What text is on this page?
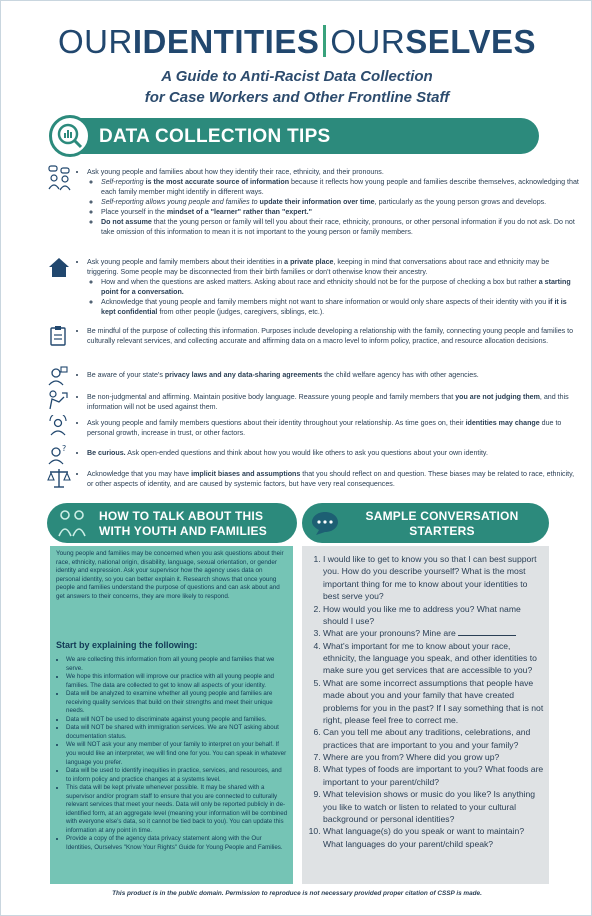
OURIDENTITIES OURSELVES
A Guide to Anti-Racist Data Collection
for Case Workers and Other Frontline Staff
DATA COLLECTION TIPS
• Ask young people and families about how they identify their race, ethnicity, and their pronouns.
◦ Self-reporting is the most accurate source of information because it reflects how young people and families describe themselves, acknowledging that each family member might identify in different ways.
◦ Self-reporting allows young people and families to update their information over time, particularly as the young person grows and develops.
◦ Place yourself in the mindset of a "learner" rather than "expert."
◦ Do not assume that the young person or family will tell you about their race, ethnicity, pronouns, or other personal information if you do not ask. Do not take omission of this information to mean it is not important to the young person or family members.
• Ask young people and family members about their identities in a private place, keeping in mind that conversations about race and ethnicity may be triggering. Some people may be disconnected from their birth families or don't otherwise know their ancestry.
◦ How and when the questions are asked matters. Asking about race and ethnicity should not be for the purpose of checking a box but rather a starting point for a conversation.
◦ Acknowledge that young people and family members might not want to share information or would only share aspects of their identity with you if it is kept confidential from other people (judges, caregivers, siblings, etc.).
• Be mindful of the purpose of collecting this information. Purposes include developing a relationship with the family, connecting young people and families to culturally relevant services, and collecting accurate and affirming data on a macro level to inform policy, practice, and resource allocation decisions.
• Be aware of your state's privacy laws and any data-sharing agreements the child welfare agency has with other agencies.
• Be non-judgmental and affirming. Maintain positive body language. Reassure young people and family members that you are not judging them, and this information will not be used against them.
• Ask young people and family members questions about their identity throughout your relationship. As time goes on, their identities may change due to personal growth, increase in trust, or other factors.
?
•	Be curious. Ask open-ended questions and think about how you would like others to ask you questions about your own identity.
• Acknowledge that you may have implicit biases and assumptions that you should reflect on and question. These biases may be related to race, ethnicity, or other aspects of identity, and are caused by systemic factors, but have very real consequences.
HOW TO TALK ABOUT THIS
WITH YOUTH AND FAMILIES
SAMPLE CONVERSATION
STARTERS
Young people and families may be concerned when you ask questions about their race, ethnicity, national origin, disability, language, sexual orientation, or gender identity and expression. Ask your supervisor how the agency uses data on personal identity, so you can better explain it. Research shows that once young people and families understand the purpose of questions and can ask about and get answers to their concerns, they are more likely to respond.
Start by explaining the following:
• We are collecting this information from all young people and families that we serve.
• We hope this information will improve our practice with all young people and families. The data are collected to get to know all aspects of your identity.
• Data will be analyzed to examine whether all young people and families are receiving quality services that build on their strengths and meet their unique needs.
• Data will NOT be used to discriminate against young people and families.
• Data will NOT be shared with immigration services. We are NOT asking about documentation status.
• We will NOT ask your any member of your family to interpret on your behalf. If you would like an interpreter, we will find one for you. You can speak in whatever language you prefer.
• Data will be used to identify inequities in practice, services, and resources, and to inform policy and practice changes at a systems level.
• This data will be kept private whenever possible. It may be shared with a supervisor and/or program staff to ensure that you are connected to culturally relevant services that meet your needs. Data will only be reported publicly in de-identified form, at an aggregate level (meaning your information will be combined with everyone else's data, so it cannot be tied back to you). You can update this information at any point in time.
• Provide a copy of the agency data privacy statement along with the Our Identities, Ourselves "Know Your Rights" Guide for Young People and Families.
1. I would like to get to know you so that I can best support you. How do you describe yourself? What is the most important thing for me to know about your identities to best serve you?
2. How would you like me to address you? What name should I use?
3. What are your pronouns? Mine are
4. What's important for me to know about your race, ethnicity, the language you speak, and other identities to make sure you get services that are accessible to you?
5. What are some incorrect assumptions that people have made about you and your family that have created problems for you in the past? If I say something that is not right, please feel free to correct me.
6. Can you tell me about any traditions, celebrations, and practices that are important to you and your family?
7. Where are you from? Where did you grow up?
8. What types of foods are important to you? What foods are important to your parent/child?
9. What television shows or music do you like? Is anything you like to watch or listen to related to your cultural background or personal identities?
10. What language(s) do you speak or want to maintain? What languages do your parent/child speak?
This product is in the public domain. Permission to reproduce is not necessary provided proper citation of CSSP is made.
